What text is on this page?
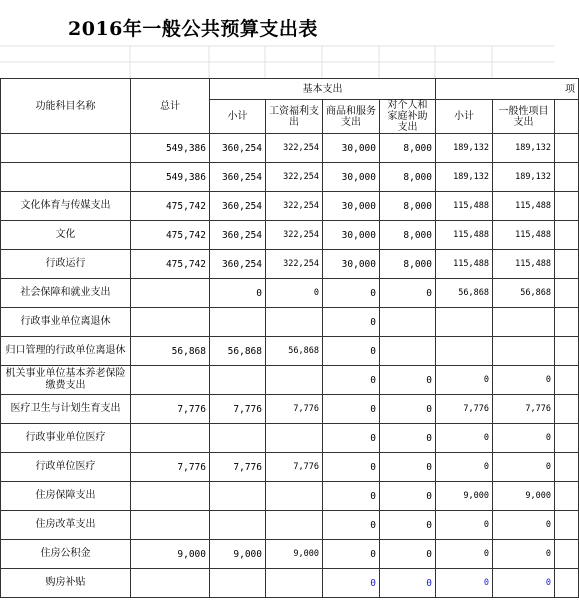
2016年一般公共预算支出表
功能科目名称	总计	基本支出				项		
		小计	工资福利支出	商品和服务支出	对个人和家庭补助支出	小计	一般性项目支出	
	549,386	360,254	322,254	30,000	8,000	189,132	189,132	
	549,386	360,254	322,254	30,000	8,000	189,132	189,132	
文化体育与传媒支出	475,742	360,254	322,254	30,000	8,000	115,488	115,488	
文化	475,742	360,254	322,254	30,000	8,000	115,488	115,488	
行政运行	475,742	360,254	322,254	30,000	8,000	115,488	115,488	
社会保障和就业支出		0	0	0	0	56,868	56,868	
行政事业单位离退休				0				
归口管理的行政单位离退休	56,868	56,868	56,868	0				
机关事业单位基本养老保险缴费支出				0	0	0	0	
医疗卫生与计划生育支出	7,776	7,776	7,776	0	0	7,776	7,776	
行政事业单位医疗				0	0	0	0	
行政单位医疗	7,776	7,776	7,776	0	0	0	0	
住房保障支出				0	0	9,000	9,000	
住房改革支出				0	0	0	0	
住房公积金	9,000	9,000	9,000	0	0	0	0	
购房补贴				0	0	0	0	
